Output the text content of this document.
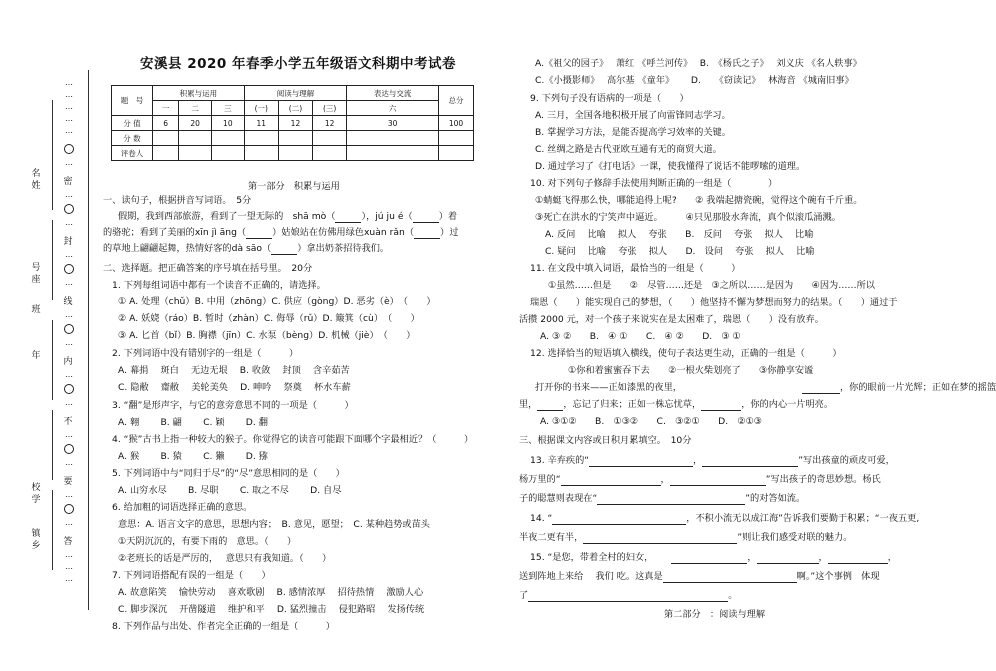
名姓
号座
班
年
校学
镇乡
…
…
…
…
…
…
密
…
…
封
…
…
线
…
…
内
…
…
不
…
…
要
…
…
答
…
…
…
安溪县 2020 年春季小学五年级语文科期中考试卷
题　号	积累与运用			阅读与理解			表达与交流	总分
	一	二	三	(一)	(二)	(三)	六	
分 值	6	20	10	11	12	12	30	100
分 数								
评卷人								
第一部分　积累与运用
一、读句子，根据拼音写词语。　5分
假期，我到西部旅游，看到了一望无际的　 shā mò（	），jú ju é（	）着
的骆驼；看到了美丽的xīn jì āng（	）姑娘站在仿佛用绿色xuàn rǎn（	）过
的草地上翩翩起舞，热情好客的dà sāo（	）拿出奶茶招待我们。
二、选择题。把正确答案的序号填在括号里。　20分
1. 下列每组词语中都有一个读音不正确的，请选择。
① A. 处理（chǔ）B. 中用（zhōng）C. 供应（gòng）D. 恶劣（è）　（　　）
② A. 妖娆（ráo）B. 暂时（zhàn）C. 侮辱（rǔ）D. 簸箕（cù）　（　　）
③ A. 匕首（bǐ）B. 胸襟（jīn）C. 水泵（bèng）D. 机械（jiè）　（　　）
2. 下列词语中没有错别字的一组是（　　　）
A. 幕捐　 斑白　 无边无垠　 B. 收敛　 封顶　 含辛茹苦
C. 隐敝　 齋敝　 美轮美奂　 D. 呻吟　 祭奠　 杯水车薪
3. “翻”是形声字，与它的意旁意思不同的一项是（　　　）
A. 翱　　 B. 翩　　 C. 颖　　 D. 翻
4. “猴”古书上指一种较大的猴子。你觉得它的读音可能跟下面哪个字最相近？（　　　）
A. 猴　　 B. 猿　　 C. 獭　　 D. 猕
5. 下列词语中与“同归于尽”的“尽”意思相同的是（　　）
A. 山穷水尽　　 B. 尽职　　 C. 取之不尽　　 D. 自尽
6. 给加粗的词语选择正确的意思。
意思：A. 语言文字的意思，思想内容；　B. 意见，愿望；　C. 某种趋势或苗头
①天阴沉沉的，有要下雨的　意思。（　　）
②老班长的话是严厉的，　 意思只有我知道。（　　）
7. 下列词语搭配有误的一组是（　　）
A. 故意陷笑　 愉快劳动　 喜欢歌剧　 B. 感情浓厚　 招待热情　 激励人心
C. 脚步深沉　 开凿隧道　 维护和平　 D. 猛烈撞击　 侵犯路昭　 发扬传统
8. 下列作品与出处、作者完全正确的一组是（　　　）
A.《祖父的园子》　 萧红 《呼兰河传》　 B.　《杨氏之子》　 刘义庆 《名人轶事》
C.《小摄影师》　 高尔基 《童年》　　 D.　　《窃读记》　 林海音 《城南旧事》
9. 下列句子没有语病的一项是（　　）
A. 三月，全国各地积极开展了向雷锋同志学习。
B. 掌握学习方法，是能否提高学习效率的关键。
C. 丝绸之路是古代亚欧互通有无的商贸大道。
D. 通过学习了《打电话》一课，使我懂得了说话不能啰嗦的道理。
10. 对下列句子修辞手法使用判断正确的一组是（　　　　）
①蜻蜓飞得那么快，哪能追得上呢?　　② 我端起搪瓷碗，觉得这个碗有千斤重。
③死亡在洪水的宁笑声中逼近。　　　④只见那股水奔流，真个似滚瓜涌溅。
A. 反问　 比喻　 拟人　 夸张　　B.　反问　 夸张　 拟人　 比喻
C. 疑问　 比喻　 夸张　 拟人　　D.　设问　 夸张　 拟人　 比喻
11. 在文段中填入词语，最恰当的一组是（　　　）
①虽然……但是　　②　尽管……还是　③之所以……是因为　　④因为……所以
瑞恩（　　）能实现自己的梦想，（　　）他坚持不懈为梦想而努力的结果。（　　）通过于
活攒 2000 元，对一个孩子来说实在是太困难了，瑞恩（　　）没有放弃。
A. ③ ②　　B.　④ ①　　C.　④ ②　　D.　③ ①
12. 选择恰当的短语填入横线，使句子表达更生动，正确的一组是（　　　）
①你和着蜜蜜吞下去　　②一根火柴划亮了　　③你静享安谧
打开你的书来——正如漆黑的夜里，	，你的眼前一片光辉；正如在梦的摇篮
里，	，忘记了归来；正如一株忘忧草，	，你的内心一片明亮。
A. ③①②　　B.　①③②　　C.　③②①　　D.　②①③
三、根据课文内容或日积月累填空。　10分
13. 辛弃疾的“	，	”写出孩童的顽皮可爱，
杨万里的“	，	”写出孩子的奇思妙想。杨氏
子的聪慧则表现在“	”的对答如流。
14. “	，不积小流无以成江海”告诉我们要勤于积累；“一夜五更,
半夜二更有半，	”则让我们感受对联的魅力。
15. “是您，带着全村的妇女，	，	，	，
送到阵地上来给　 我们 吃。这真是	啊。”这个事例　体现
了	。
第二部分　：阅读与理解
